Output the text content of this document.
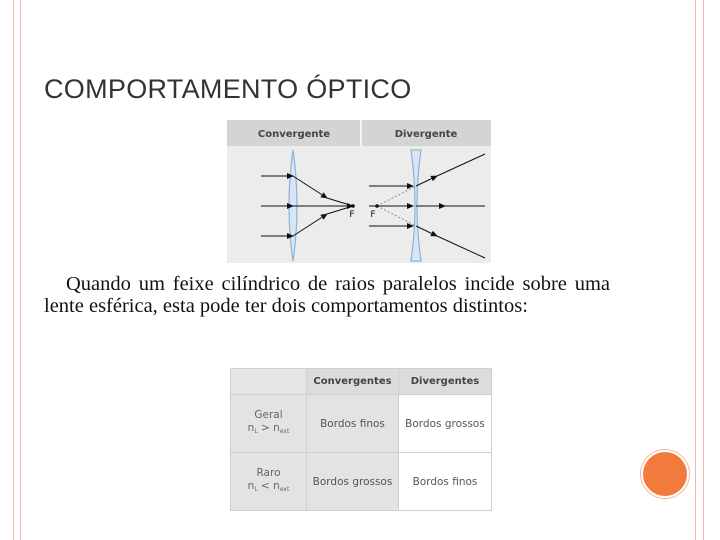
COMPORTAMENTO ÓPTICO
Convergente	Divergente
F F
Quando um feixe cilíndrico de raios paralelos incide sobre uma lente esférica, esta pode ter dois comportamentos distintos:
	Convergentes	Divergentes

Geral
$n_L > n_{ext}$	Bordos finos	Bordos grossos

Raro
$n_L < n_{ext}$	Bordos grossos	Bordos finos
